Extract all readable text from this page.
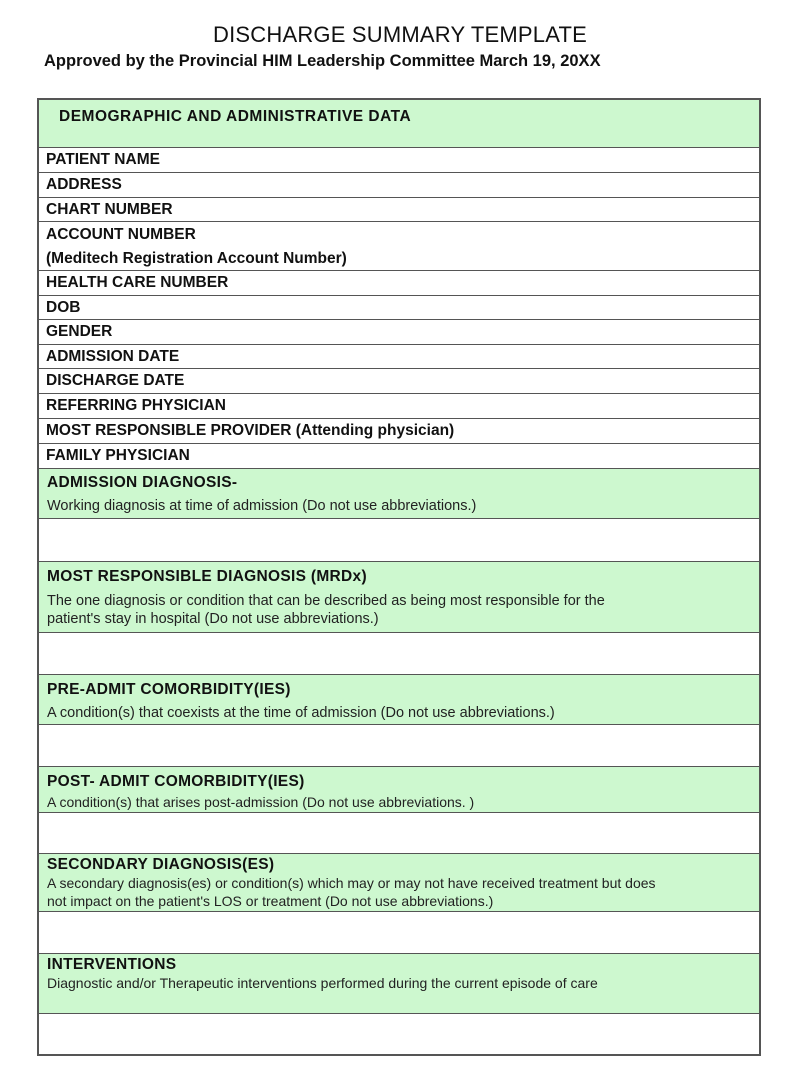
DISCHARGE SUMMARY TEMPLATE
Approved by the Provincial HIM Leadership Committee March 19, 20XX
DEMOGRAPHIC AND ADMINISTRATIVE DATA
PATIENT NAME
ADDRESS
CHART NUMBER
ACCOUNT NUMBER
(Meditech Registration Account Number)
HEALTH CARE NUMBER
DOB
GENDER
ADMISSION DATE
DISCHARGE DATE
REFERRING PHYSICIAN
MOST RESPONSIBLE PROVIDER (Attending physician)
FAMILY PHYSICIAN
ADMISSION DIAGNOSIS-
Working diagnosis at time of admission (Do not use abbreviations.)
MOST RESPONSIBLE DIAGNOSIS (MRDx)
The one diagnosis or condition that can be described as being most responsible for the
patient's stay in hospital (Do not use abbreviations.)
PRE-ADMIT COMORBIDITY(IES)
A condition(s) that coexists at the time of admission (Do not use abbreviations.)
POST- ADMIT COMORBIDITY(IES)
A condition(s) that arises post-admission (Do not use abbreviations. )
SECONDARY DIAGNOSIS(ES)
A secondary diagnosis(es) or condition(s) which may or may not have received treatment but does
not impact on the patient's LOS or treatment (Do not use abbreviations.)
INTERVENTIONS
Diagnostic and/or Therapeutic interventions performed during the current episode of care
